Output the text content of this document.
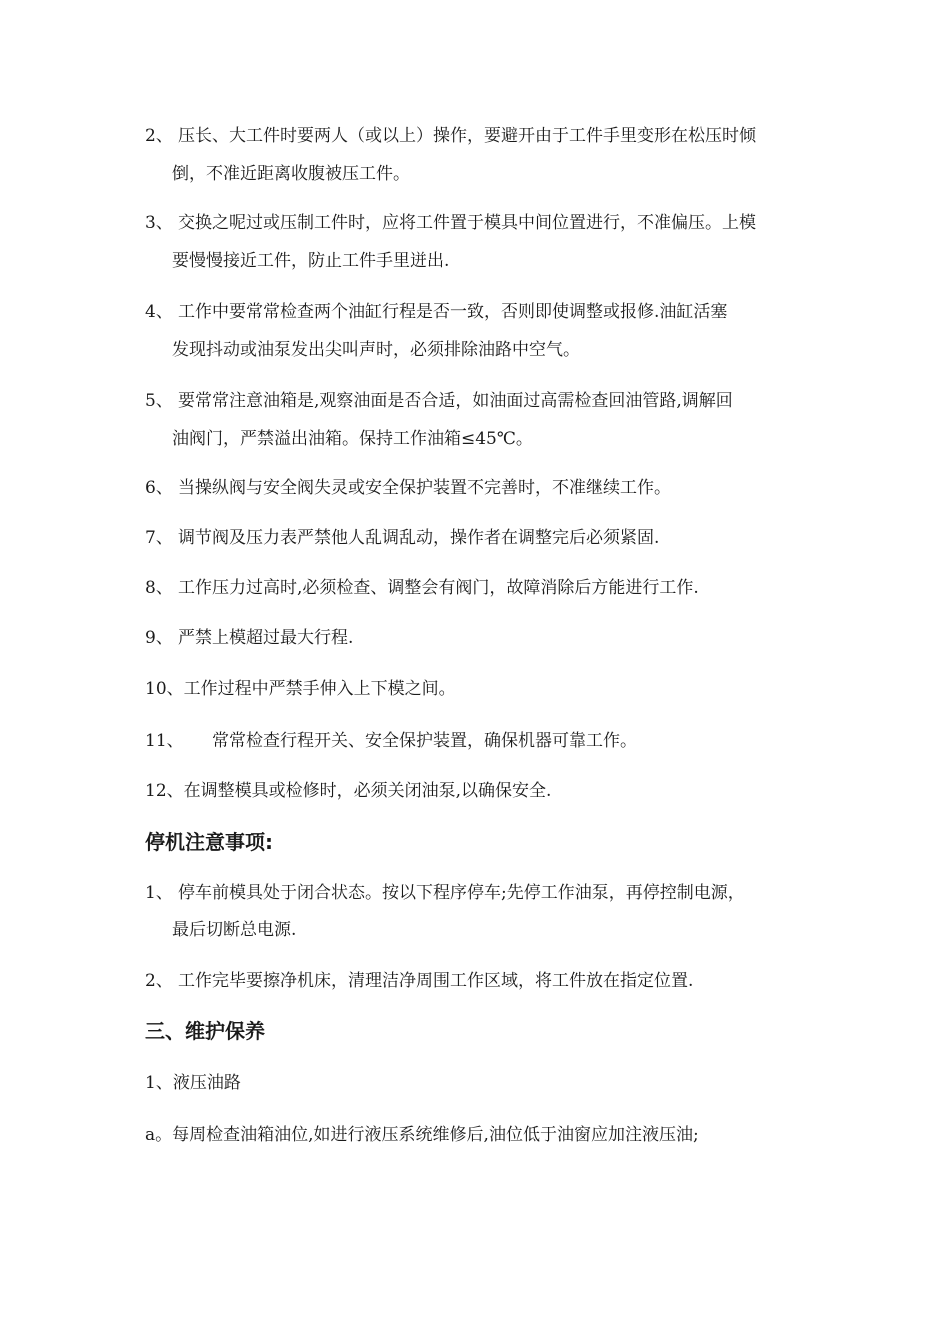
2、 压长、大工件时要两人（或以上）操作，要避开由于工件手里变形在松压时倾
倒，不准近距离收腹被压工件。
3、 交换之呢过或压制工件时，应将工件置于模具中间位置进行，不准偏压。上模
要慢慢接近工件，防止工件手里迸出.
4、 工作中要常常检查两个油缸行程是否一致，否则即使调整或报修.油缸活塞
发现抖动或油泵发出尖叫声时，必须排除油路中空气。
5、 要常常注意油箱是,观察油面是否合适，如油面过高需检查回油管路,调解回
油阀门，严禁溢出油箱。保持工作油箱≤45℃。
6、 当操纵阀与安全阀失灵或安全保护装置不完善时，不准继续工作。
7、 调节阀及压力表严禁他人乱调乱动，操作者在调整完后必须紧固.
8、 工作压力过高时,必须检查、调整会有阀门，故障消除后方能进行工作.
9、 严禁上模超过最大行程.
10、工作过程中严禁手伸入上下模之间。
11、 常常检查行程开关、安全保护装置，确保机器可靠工作。
12、在调整模具或检修时，必须关闭油泵,以确保安全.
停机注意事项:
1、 停车前模具处于闭合状态。按以下程序停车;先停工作油泵，再停控制电源，
最后切断总电源.
2、 工作完毕要擦净机床，清理洁净周围工作区域，将工件放在指定位置.
三、维护保养
1、液压油路
a。每周检查油箱油位,如进行液压系统维修后,油位低于油窗应加注液压油;
